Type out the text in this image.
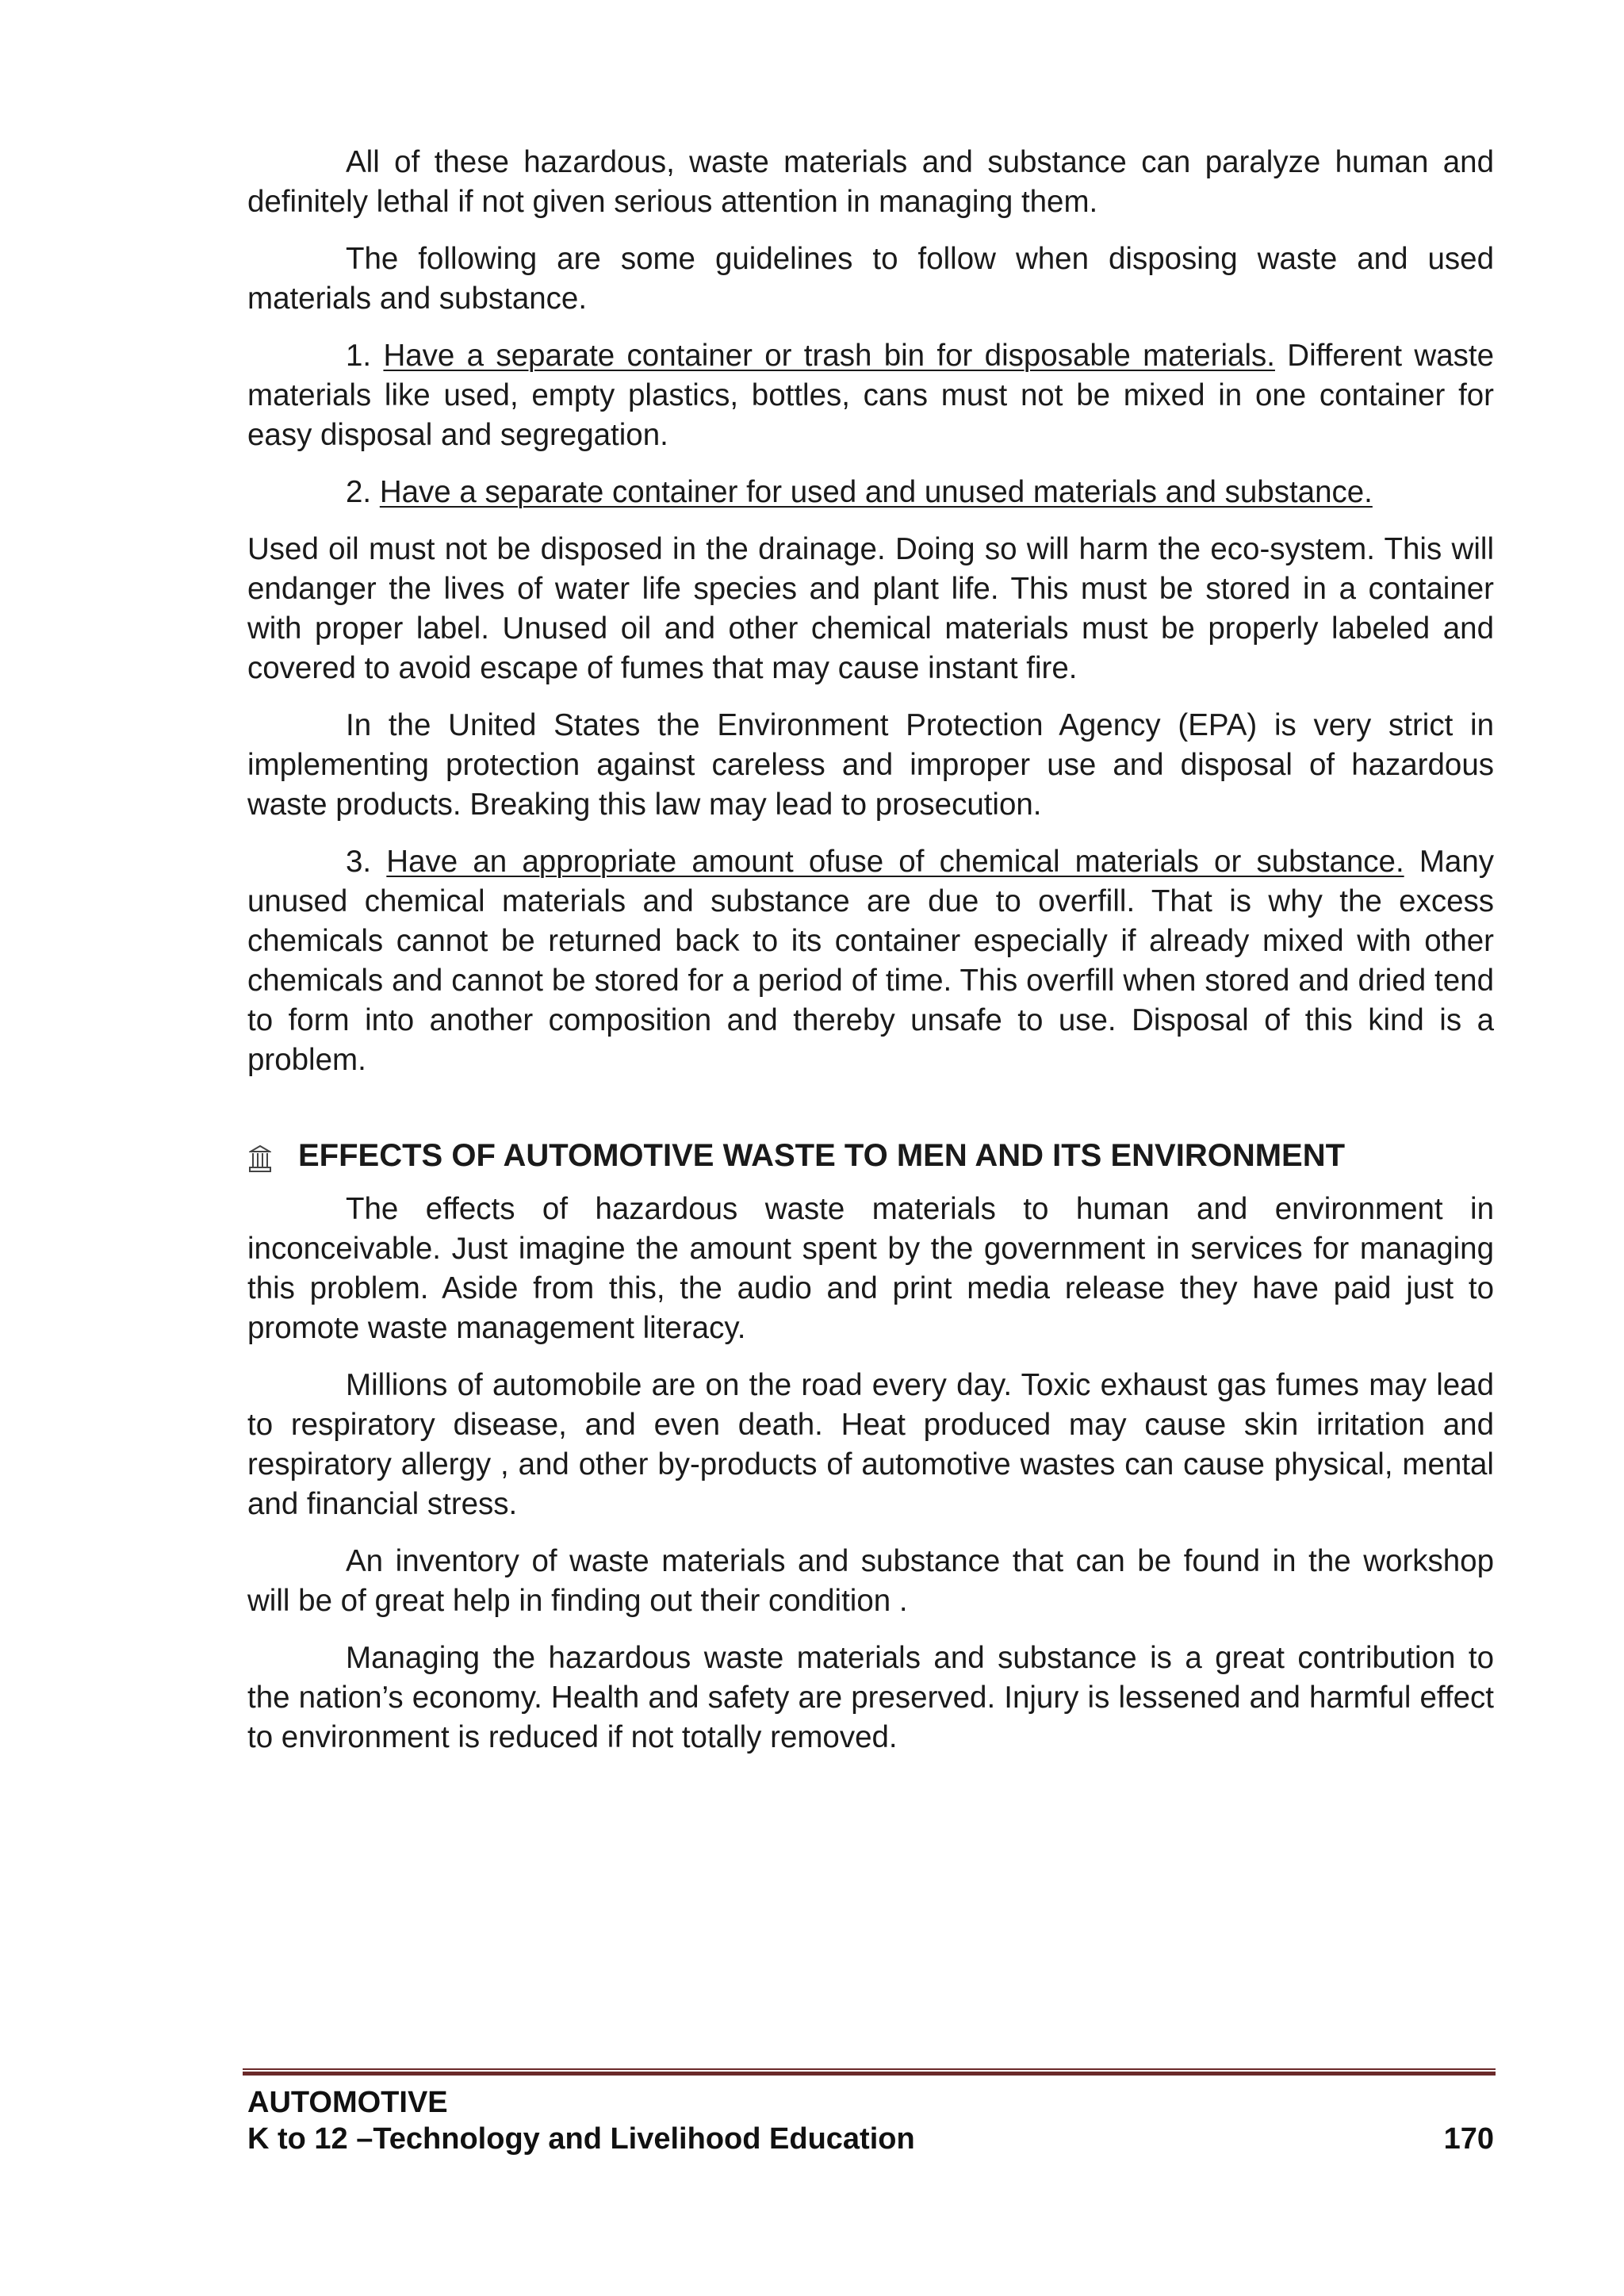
All of these hazardous, waste materials and substance can paralyze human and definitely lethal if not given serious attention in managing them.

The following are some guidelines to follow when disposing waste and used materials and substance.

1. Have a separate container or trash bin for disposable materials. Different waste materials like used, empty plastics, bottles, cans must not be mixed in one container for easy disposal and segregation.

2. Have a separate container for used and unused materials and substance.

Used oil must not be disposed in the drainage. Doing so will harm the eco-system. This will endanger the lives of water life species and plant life. This must be stored in a container with proper label. Unused oil and other chemical materials must be properly labeled and covered to avoid escape of fumes that may cause instant fire.

In the United States the Environment Protection Agency (EPA) is very strict in implementing protection against careless and improper use and disposal of hazardous waste products. Breaking this law may lead to prosecution.

3. Have an appropriate amount ofuse of chemical materials or substance. Many unused chemical materials and substance are due to overfill. That is why the excess chemicals cannot be returned back to its container especially if already mixed with other chemicals and cannot be stored for a period of time. This overfill when stored and dried tend to form into another composition and thereby unsafe to use. Disposal of this kind is a problem.

EFFECTS OF AUTOMOTIVE WASTE TO MEN AND ITS ENVIRONMENT

The effects of hazardous waste materials to human and environment in inconceivable. Just imagine the amount spent by the government in services for managing this problem. Aside from this, the audio and print media release they have paid just to promote waste management literacy.

Millions of automobile are on the road every day. Toxic exhaust gas fumes may lead to respiratory disease, and even death. Heat produced may cause skin irritation and respiratory allergy , and other by-products of automotive wastes can cause physical, mental and financial stress.

An inventory of waste materials and substance that can be found in the workshop will be of great help in finding out their condition .

Managing the hazardous waste materials and substance is a great contribution to the nation’s economy. Health and safety are preserved. Injury is lessened and harmful effect to environment is reduced if not totally removed.

AUTOMOTIVE
K to 12 –Technology and Livelihood Education	170
